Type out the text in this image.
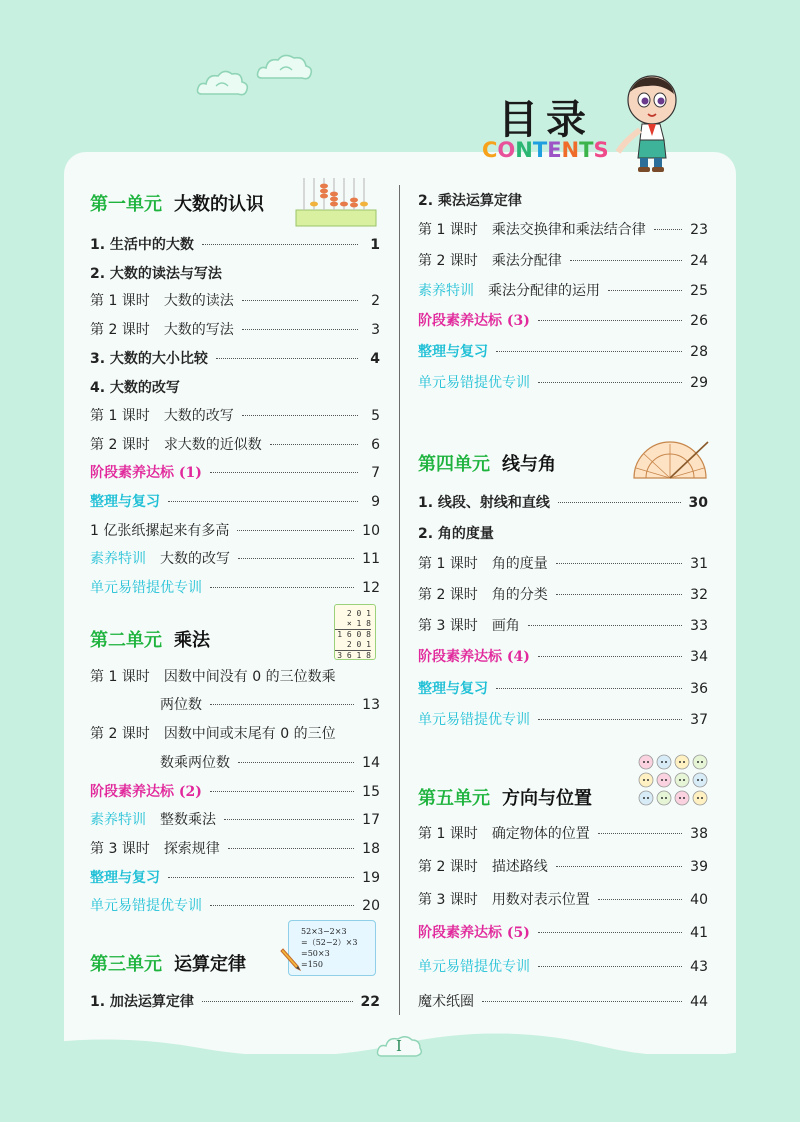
目录
CONTENTS
第一单元 大数的认识
1. 生活中的大数	1
2. 大数的读法与写法
第 1 课时 大数的读法	2
第 2 课时 大数的写法	3
3. 大数的大小比较	4
4. 大数的改写
第 1 课时 大数的改写	5
第 2 课时 求大数的近似数	6
阶段素养达标 (1)	7
整理与复习	9
1 亿张纸摞起来有多高	10
素养特训 大数的改写	11
单元易错提优专训	12
第二单元 乘法
2 0 1
× 1 8
1 6 0 8
2 0 1
3 6 1 8
第 1 课时 因数中间没有 0 的三位数乘
两位数	13
第 2 课时 因数中间或末尾有 0 的三位
数乘两位数	14
阶段素养达标 (2)	15
素养特训 整数乘法	17
第 3 课时 探索规律	18
整理与复习	19
单元易错提优专训	20
第三单元 运算定律
52×3−2×3
=（52−2）×3
=50×3
=150
1. 加法运算定律	22
2. 乘法运算定律
第 1 课时 乘法交换律和乘法结合律	23
第 2 课时 乘法分配律	24
素养特训 乘法分配律的运用	25
阶段素养达标 (3)	26
整理与复习	28
单元易错提优专训	29
第四单元 线与角
1. 线段、射线和直线	30
2. 角的度量
第 1 课时 角的度量	31
第 2 课时 角的分类	32
第 3 课时 画角	33
阶段素养达标 (4)	34
整理与复习	36
单元易错提优专训	37
第五单元 方向与位置
第 1 课时 确定物体的位置	38
第 2 课时 描述路线	39
第 3 课时 用数对表示位置	40
阶段素养达标 (5)	41
单元易错提优专训	43
魔术纸圈	44
I
